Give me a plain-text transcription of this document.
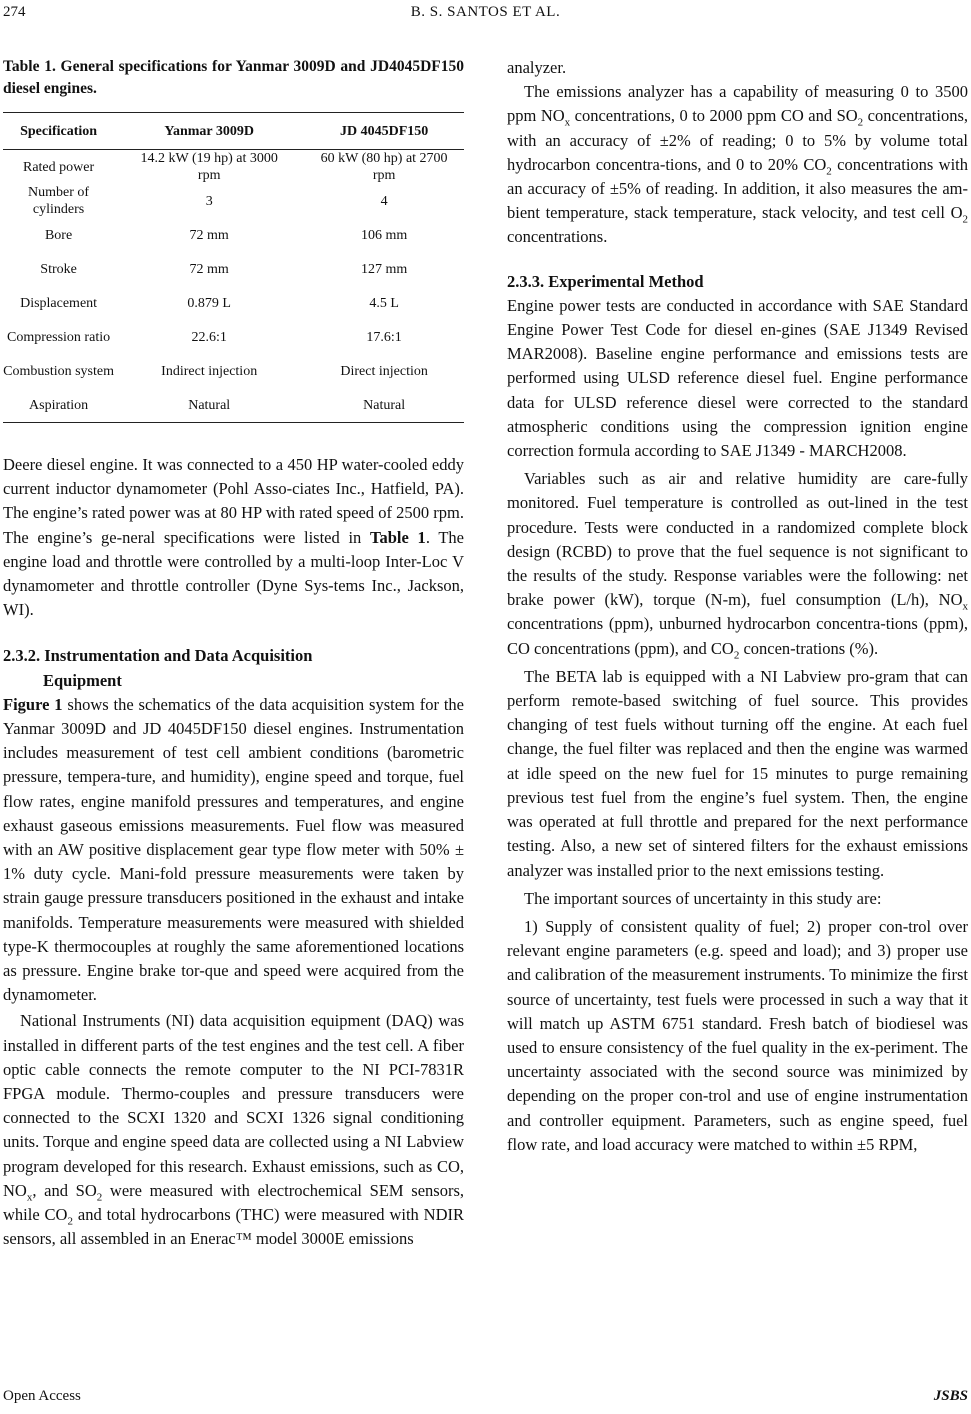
274	B. S. SANTOS ET AL.

Table 1. General specifications for Yanmar 3009D and JD4045DF150 diesel engines.

Specification	Yanmar 3009D	JD 4045DF150
Rated power	14.2 kW (19 hp) at 3000 rpm	60 kW (80 hp) at 2700 rpm
Number of cylinders	3	4
Bore	72 mm	106 mm
Stroke	72 mm	127 mm
Displacement	0.879 L	4.5 L
Compression ratio	22.6:1	17.6:1
Combustion system	Indirect injection	Direct injection
Aspiration	Natural	Natural

Deere diesel engine. It was connected to a 450 HP water-cooled eddy current inductor dynamometer (Pohl Asso-ciates Inc., Hatfield, PA). The engine’s rated power was at 80 HP with rated speed of 2500 rpm. The engine’s ge-neral specifications were listed in Table 1. The engine load and throttle were controlled by a multi-loop Inter-Loc V dynamometer and throttle controller (Dyne Sys-tems Inc., Jackson, WI).

2.3.2. Instrumentation and Data Acquisition

Equipment

Figure 1 shows the schematics of the data acquisition system for the Yanmar 3009D and JD 4045DF150 diesel engines. Instrumentation includes measurement of test cell ambient conditions (barometric pressure, tempera-ture, and humidity), engine speed and torque, fuel flow rates, engine manifold pressures and temperatures, and engine exhaust gaseous emissions measurements. Fuel flow was measured with an AW positive displacement gear type flow meter with 50% ± 1% duty cycle. Mani-fold pressure measurements were taken by strain gauge pressure transducers positioned in the exhaust and intake manifolds. Temperature measurements were measured with shielded type-K thermocouples at roughly the same aforementioned locations as pressure. Engine brake tor-que and speed were acquired from the dynamometer.

National Instruments (NI) data acquisition equipment (DAQ) was installed in different parts of the test engines and the test cell. A fiber optic cable connects the remote computer to the NI PCI-7831R FPGA module. Thermo-couples and pressure transducers were connected to the SCXI 1320 and SCXI 1326 signal conditioning units. Torque and engine speed data are collected using a NI Labview program developed for this research. Exhaust emissions, such as CO, $NO_x$, and $SO_2$ were measured with electrochemical SEM sensors, while $CO_2$ and total hydrocarbons (THC) were measured with NDIR sensors, all assembled in an Enerac™ model 3000E emissions

analyzer.

The emissions analyzer has a capability of measuring 0 to 3500 ppm $NO_x$ concentrations, 0 to 2000 ppm CO and $SO_2$ concentrations, with an accuracy of ±2% of reading; 0 to 5% by volume total hydrocarbon concentra-tions, and 0 to 20% $CO_2$ concentrations with an accuracy of ±5% of reading. In addition, it also measures the am-bient temperature, stack temperature, stack velocity, and test cell $O_2$ concentrations.

2.3.3. Experimental Method

Engine power tests are conducted in accordance with SAE Standard Engine Power Test Code for diesel en-gines (SAE J1349 Revised MAR2008). Baseline engine performance and emissions tests are performed using ULSD reference diesel fuel. Engine performance data for ULSD reference diesel were corrected to the standard atmospheric conditions using the compression ignition engine correction formula according to SAE J1349 - MARCH2008.

Variables such as air and relative humidity are care-fully monitored. Fuel temperature is controlled as out-lined in the test procedure. Tests were conducted in a randomized complete block design (RCBD) to prove that the fuel sequence is not significant to the results of the study. Response variables were the following: net brake power (kW), torque (N-m), fuel consumption (L/h), $NO_x$ concentrations (ppm), unburned hydrocarbon concentra-tions (ppm), CO concentrations (ppm), and $CO_2$ concen-trations (%).

The BETA lab is equipped with a NI Labview pro-gram that can perform remote-based switching of fuel source. This provides changing of test fuels without turning off the engine. At each fuel change, the fuel filter was replaced and then the engine was warmed at idle speed on the new fuel for 15 minutes to purge remaining previous test fuel from the engine’s fuel system. Then, the engine was operated at full throttle and prepared for the next performance testing. Also, a new set of sintered filters for the exhaust emissions analyzer was installed prior to the next emissions testing.

The important sources of uncertainty in this study are:

1) Supply of consistent quality of fuel; 2) proper con-trol over relevant engine parameters (e.g. speed and load); and 3) proper use and calibration of the measurement instruments. To minimize the first source of uncertainty, test fuels were processed in such a way that it will match up ASTM 6751 standard. Fresh batch of biodiesel was used to ensure consistency of the fuel quality in the ex-periment. The uncertainty associated with the second source was minimized by depending on the proper con-trol and use of engine instrumentation and controller equipment. Parameters, such as engine speed, fuel flow rate, and load accuracy were matched to within ±5 RPM,

Open Access	JSBS
